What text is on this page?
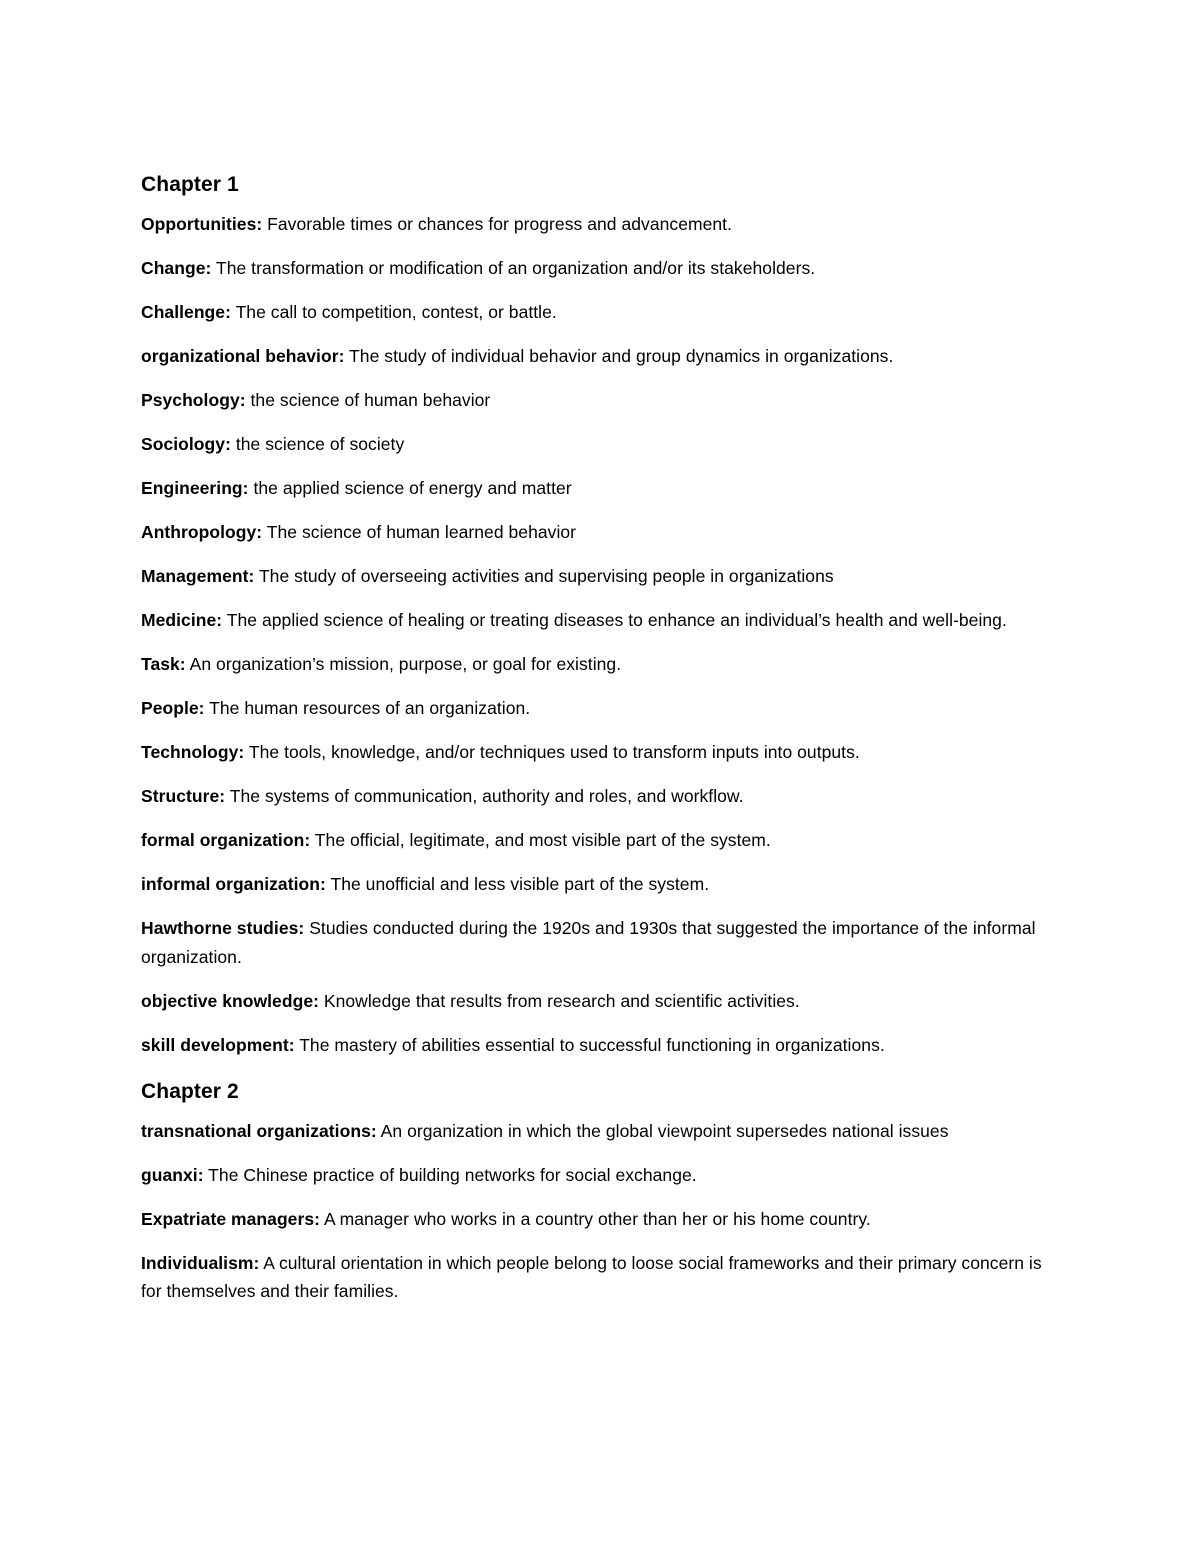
Chapter 1

Opportunities: Favorable times or chances for progress and advancement.

Change: The transformation or modification of an organization and/or its stakeholders.

Challenge: The call to competition, contest, or battle.

organizational behavior: The study of individual behavior and group dynamics in organizations.

Psychology: the science of human behavior

Sociology: the science of society

Engineering: the applied science of energy and matter

Anthropology: The science of human learned behavior

Management: The study of overseeing activities and supervising people in organizations

Medicine: The applied science of healing or treating diseases to enhance an individual’s health and well-being.

Task: An organization’s mission, purpose, or goal for existing.

People: The human resources of an organization.

Technology: The tools, knowledge, and/or techniques used to transform inputs into outputs.

Structure: The systems of communication, authority and roles, and workflow.

formal organization: The official, legitimate, and most visible part of the system.

informal organization: The unofficial and less visible part of the system.

Hawthorne studies: Studies conducted during the 1920s and 1930s that suggested the importance of the informal organization.

objective knowledge: Knowledge that results from research and scientific activities.

skill development: The mastery of abilities essential to successful functioning in organizations.

Chapter 2

transnational organizations: An organization in which the global viewpoint supersedes national issues

guanxi: The Chinese practice of building networks for social exchange.

Expatriate managers: A manager who works in a country other than her or his home country.

Individualism: A cultural orientation in which people belong to loose social frameworks and their primary concern is for themselves and their families.
